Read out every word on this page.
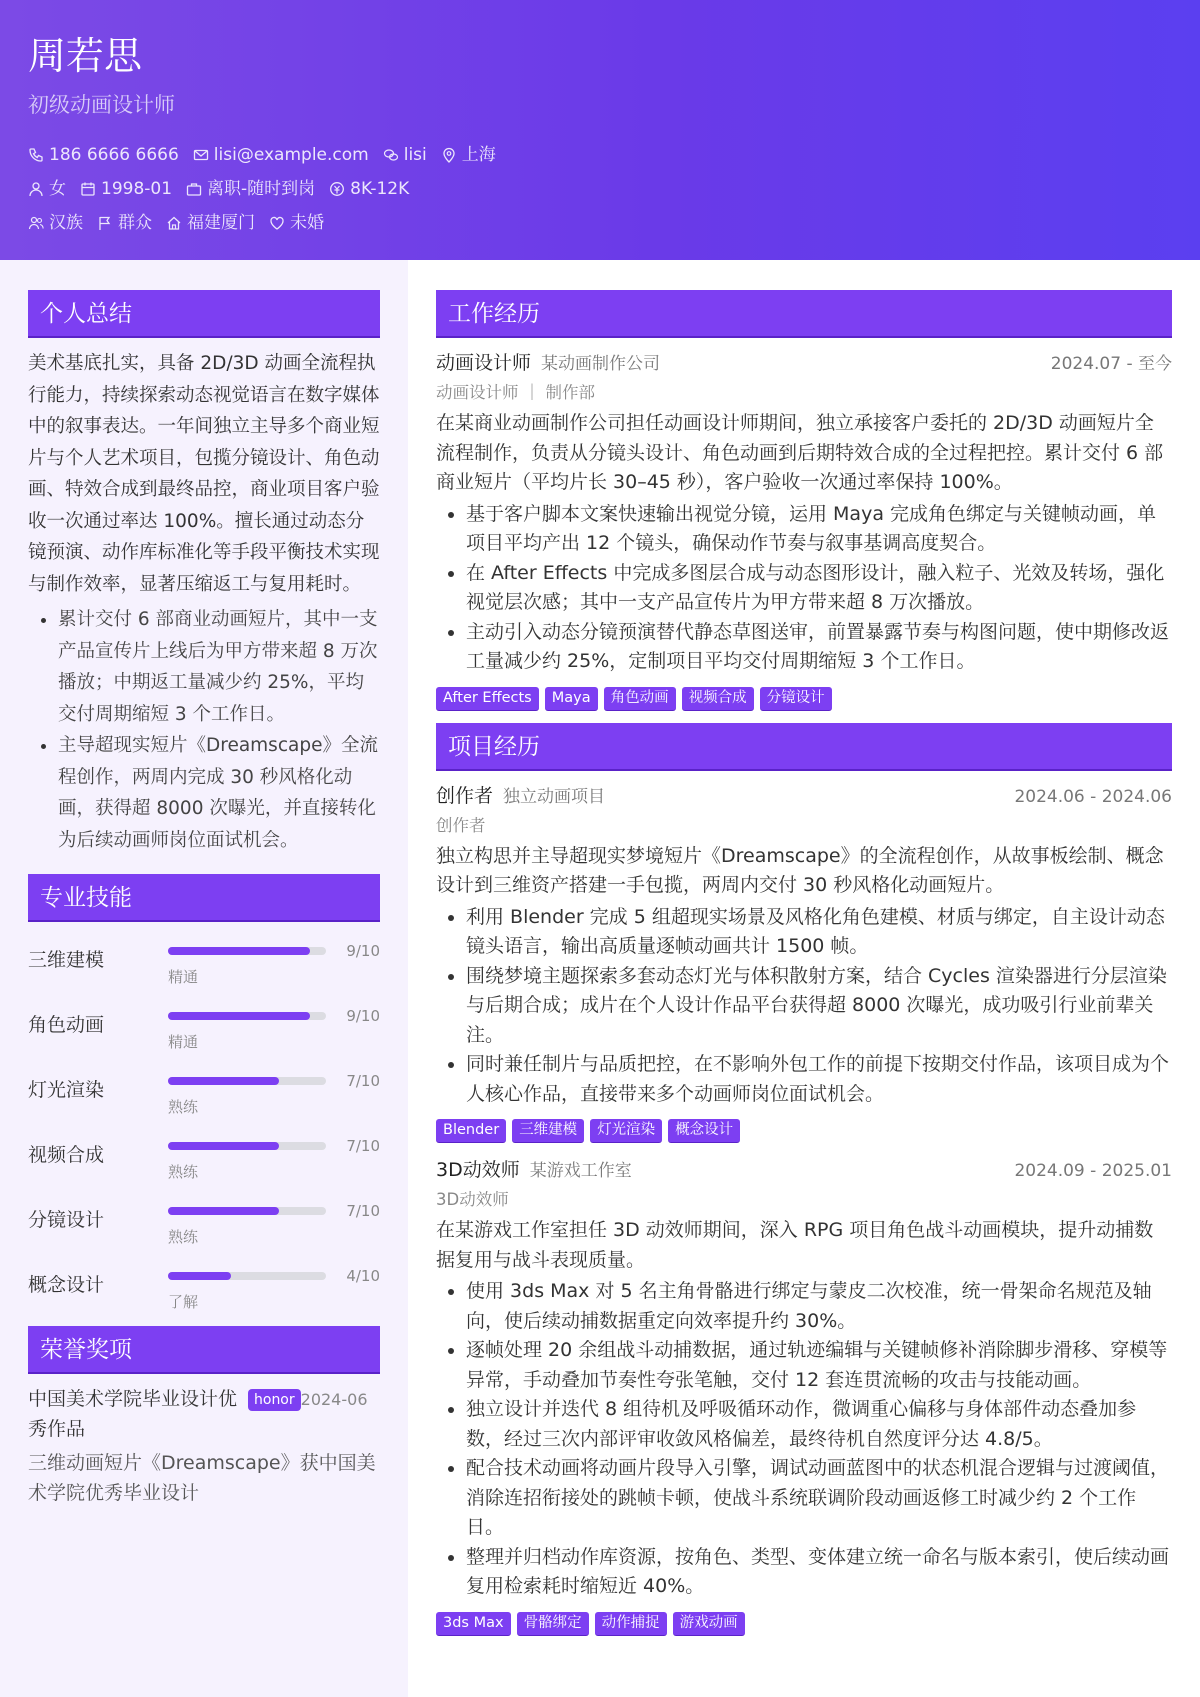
周若思
初级动画设计师
186 6666 6666 lisi@example.com lisi 上海
女 1998-01 离职-随时到岗 8K-12K
汉族 群众 福建厦门 未婚
个人总结

美术基底扎实，具备 2D/3D 动画全流程执行能力，持续探索动态视觉语言在数字媒体中的叙事表达。一年间独立主导多个商业短片与个人艺术项目，包揽分镜设计、角色动画、特效合成到最终品控，商业项目客户验收一次通过率达 100%。擅长通过动态分镜预演、动作库标准化等手段平衡技术实现与制作效率，显著压缩返工与复用耗时。

• 累计交付 6 部商业动画短片，其中一支产品宣传片上线后为甲方带来超 8 万次播放；中期返工量减少约 25%，平均交付周期缩短 3 个工作日。
• 主导超现实短片《Dreamscape》全流程创作，两周内完成 30 秒风格化动画，获得超 8000 次曝光，并直接转化为后续动画师岗位面试机会。
专业技能
三维建模	9/10
精通
角色动画	9/10
精通
灯光渲染	7/10
熟练
视频合成	7/10
熟练
分镜设计	7/10
熟练
概念设计	4/10
了解
荣誉奖项
中国美术学院毕业设计优秀作品
honor 2024-06
三维动画短片《Dreamscape》获中国美术学院优秀毕业设计
工作经历
动画设计师 某动画制作公司	2024.07 - 至今
动画设计师 ｜ 制作部

在某商业动画制作公司担任动画设计师期间，独立承接客户委托的 2D/3D 动画短片全流程制作，负责从分镜头设计、角色动画到后期特效合成的全过程把控。累计交付 6 部商业短片（平均片长 30–45 秒），客户验收一次通过率保持 100%。

• 基于客户脚本文案快速输出视觉分镜，运用 Maya 完成角色绑定与关键帧动画，单项目平均产出 12 个镜头，确保动作节奏与叙事基调高度契合。
• 在 After Effects 中完成多图层合成与动态图形设计，融入粒子、光效及转场，强化视觉层次感；其中一支产品宣传片为甲方带来超 8 万次播放。
• 主动引入动态分镜预演替代静态草图送审，前置暴露节奏与构图问题，使中期修改返工量减少约 25%，定制项目平均交付周期缩短 3 个工作日。
After Effects	Maya	角色动画	视频合成	分镜设计
项目经历
创作者 独立动画项目	2024.06 - 2024.06
创作者

独立构思并主导超现实梦境短片《Dreamscape》的全流程创作，从故事板绘制、概念设计到三维资产搭建一手包揽，两周内交付 30 秒风格化动画短片。

• 利用 Blender 完成 5 组超现实场景及风格化角色建模、材质与绑定，自主设计动态镜头语言，输出高质量逐帧动画共计 1500 帧。
• 围绕梦境主题探索多套动态灯光与体积散射方案，结合 Cycles 渲染器进行分层渲染与后期合成；成片在个人设计作品平台获得超 8000 次曝光，成功吸引行业前辈关注。
• 同时兼任制片与品质把控，在不影响外包工作的前提下按期交付作品，该项目成为个人核心作品，直接带来多个动画师岗位面试机会。
Blender	三维建模	灯光渲染	概念设计
3D动效师 某游戏工作室	2024.09 - 2025.01
3D动效师

在某游戏工作室担任 3D 动效师期间，深入 RPG 项目角色战斗动画模块，提升动捕数据复用与战斗表现质量。

• 使用 3ds Max 对 5 名主角骨骼进行绑定与蒙皮二次校准，统一骨架命名规范及轴向，使后续动捕数据重定向效率提升约 30%。
• 逐帧处理 20 余组战斗动捕数据，通过轨迹编辑与关键帧修补消除脚步滑移、穿模等异常，手动叠加节奏性夸张笔触，交付 12 套连贯流畅的攻击与技能动画。
• 独立设计并迭代 8 组待机及呼吸循环动作，微调重心偏移与身体部件动态叠加参数，经过三次内部评审收敛风格偏差，最终待机自然度评分达 4.8/5。
• 配合技术动画将动画片段导入引擎，调试动画蓝图中的状态机混合逻辑与过渡阈值，消除连招衔接处的跳帧卡顿，使战斗系统联调阶段动画返修工时减少约 2 个工作日。
• 整理并归档动作库资源，按角色、类型、变体建立统一命名与版本索引，使后续动画复用检索耗时缩短近 40%。
3ds Max	骨骼绑定	动作捕捉	游戏动画
